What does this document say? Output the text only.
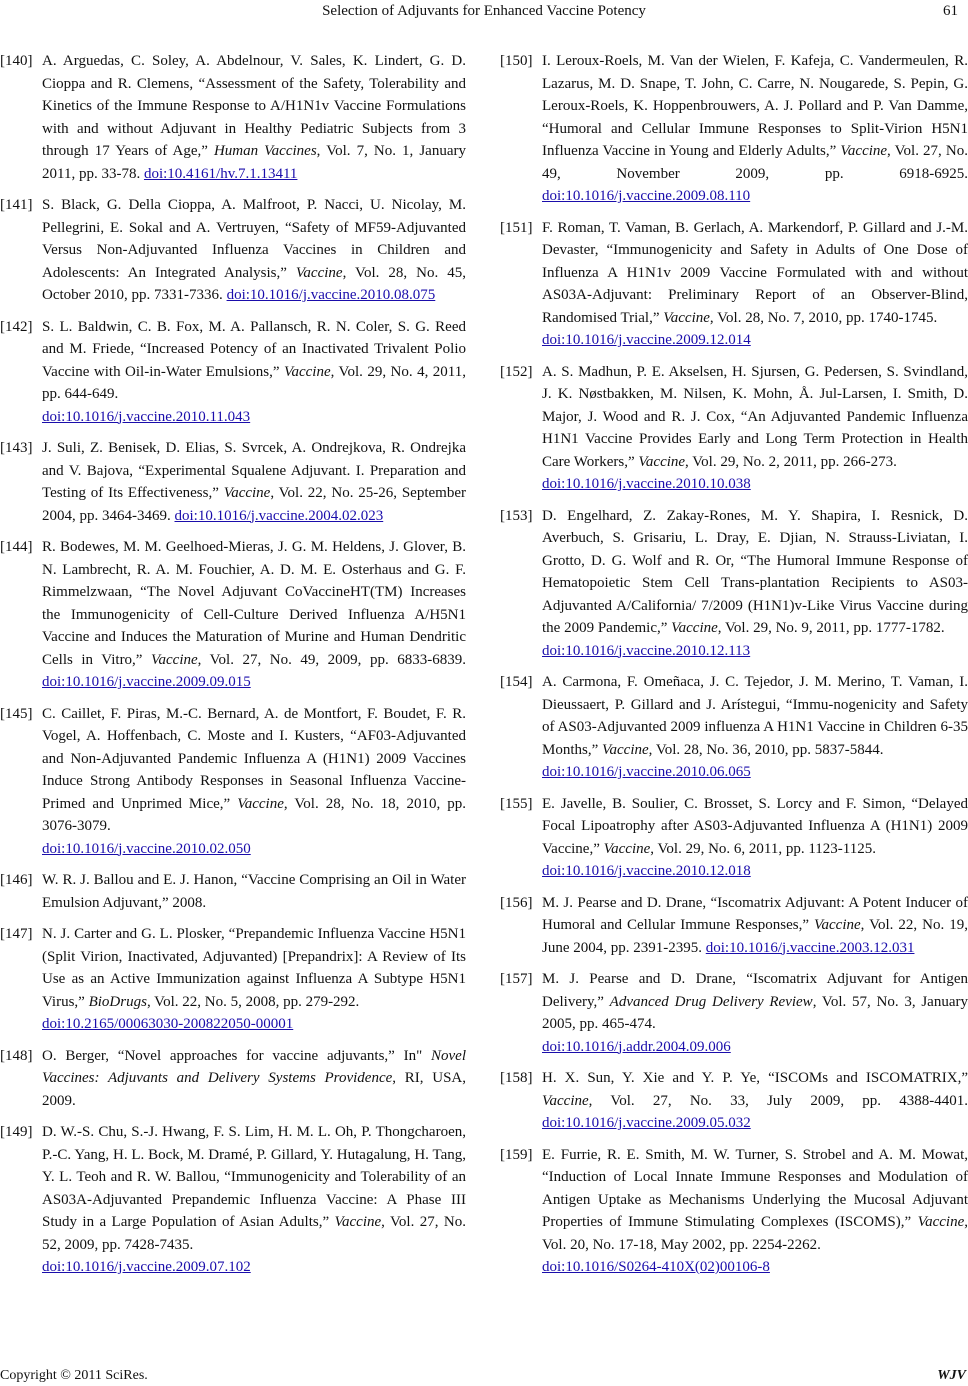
Selection of Adjuvants for Enhanced Vaccine Potency	61
[140] A. Arguedas, C. Soley, A. Abdelnour, V. Sales, K. Lindert, G. D. Cioppa and R. Clemens, “Assessment of the Safety, Tolerability and Kinetics of the Immune Response to A/H1N1v Vaccine Formulations with and without Adjuvant in Healthy Pediatric Subjects from 3 through 17 Years of Age,” Human Vaccines, Vol. 7, No. 1, January 2011, pp. 33-78. doi:10.4161/hv.7.1.13411
[141] S. Black, G. Della Cioppa, A. Malfroot, P. Nacci, U. Nicolay, M. Pellegrini, E. Sokal and A. Vertruyen, “Safety of MF59-Adjuvanted Versus Non-Adjuvanted Influenza Vaccines in Children and Adolescents: An Integrated Analysis,” Vaccine, Vol. 28, No. 45, October 2010, pp. 7331-7336. doi:10.1016/j.vaccine.2010.08.075
[142] S. L. Baldwin, C. B. Fox, M. A. Pallansch, R. N. Coler, S. G. Reed and M. Friede, “Increased Potency of an Inactivated Trivalent Polio Vaccine with Oil-in-Water Emulsions,” Vaccine, Vol. 29, No. 4, 2011, pp. 644-649.
doi:10.1016/j.vaccine.2010.11.043
[143] J. Suli, Z. Benisek, D. Elias, S. Svrcek, A. Ondrejkova, R. Ondrejka and V. Bajova, “Experimental Squalene Adjuvant. I. Preparation and Testing of Its Effectiveness,” Vaccine, Vol. 22, No. 25-26, September 2004, pp. 3464-3469. doi:10.1016/j.vaccine.2004.02.023
[144] R. Bodewes, M. M. Geelhoed-Mieras, J. G. M. Heldens, J. Glover, B. N. Lambrecht, R. A. M. Fouchier, A. D. M. E. Osterhaus and G. F. Rimmelzwaan, “The Novel Adjuvant CoVaccineHT(TM) Increases the Immunogenicity of Cell-Culture Derived Influenza A/H5N1 Vaccine and Induces the Maturation of Murine and Human Dendritic Cells in Vitro,” Vaccine, Vol. 27, No. 49, 2009, pp. 6833-6839. doi:10.1016/j.vaccine.2009.09.015
[145] C. Caillet, F. Piras, M.-C. Bernard, A. de Montfort, F. Boudet, F. R. Vogel, A. Hoffenbach, C. Moste and I. Kusters, “AF03-Adjuvanted and Non-Adjuvanted Pandemic Influenza A (H1N1) 2009 Vaccines Induce Strong Antibody Responses in Seasonal Influenza Vaccine-Primed and Unprimed Mice,” Vaccine, Vol. 28, No. 18, 2010, pp. 3076-3079.
doi:10.1016/j.vaccine.2010.02.050
[146] W. R. J. Ballou and E. J. Hanon, “Vaccine Comprising an Oil in Water Emulsion Adjuvant,” 2008.
[147] N. J. Carter and G. L. Plosker, “Prepandemic Influenza Vaccine H5N1 (Split Virion, Inactivated, Adjuvanted) [Prepandrix]: A Review of Its Use as an Active Immunization against Influenza A Subtype H5N1 Virus,” BioDrugs, Vol. 22, No. 5, 2008, pp. 279-292.
doi:10.2165/00063030-200822050-00001
[148] O. Berger, “Novel approaches for vaccine adjuvants,” In" Novel Vaccines: Adjuvants and Delivery Systems Providence, RI, USA, 2009.
[149] D. W.-S. Chu, S.-J. Hwang, F. S. Lim, H. M. L. Oh, P. Thongcharoen, P.-C. Yang, H. L. Bock, M. Dramé, P. Gillard, Y. Hutagalung, H. Tang, Y. L. Teoh and R. W. Ballou, “Immunogenicity and Tolerability of an AS03A-Adjuvanted Prepandemic Influenza Vaccine: A Phase III Study in a Large Population of Asian Adults,” Vaccine, Vol. 27, No. 52, 2009, pp. 7428-7435.
doi:10.1016/j.vaccine.2009.07.102
[150] I. Leroux-Roels, M. Van der Wielen, F. Kafeja, C. Vandermeulen, R. Lazarus, M. D. Snape, T. John, C. Carre, N. Nougarede, S. Pepin, G. Leroux-Roels, K. Hoppenbrouwers, A. J. Pollard and P. Van Damme, “Humoral and Cellular Immune Responses to Split-Virion H5N1 Influenza Vaccine in Young and Elderly Adults,” Vaccine, Vol. 27, No. 49, November 2009, pp. 6918-6925. doi:10.1016/j.vaccine.2009.08.110
[151] F. Roman, T. Vaman, B. Gerlach, A. Markendorf, P. Gillard and J.-M. Devaster, “Immunogenicity and Safety in Adults of One Dose of Influenza A H1N1v 2009 Vaccine Formulated with and without AS03A-Adjuvant: Preliminary Report of an Observer-Blind, Randomised Trial,” Vaccine, Vol. 28, No. 7, 2010, pp. 1740-1745.
doi:10.1016/j.vaccine.2009.12.014
[152] A. S. Madhun, P. E. Akselsen, H. Sjursen, G. Pedersen, S. Svindland, J. K. Nøstbakken, M. Nilsen, K. Mohn, Å. Jul-Larsen, I. Smith, D. Major, J. Wood and R. J. Cox, “An Adjuvanted Pandemic Influenza H1N1 Vaccine Provides Early and Long Term Protection in Health Care Workers,” Vaccine, Vol. 29, No. 2, 2011, pp. 266-273.
doi:10.1016/j.vaccine.2010.10.038
[153] D. Engelhard, Z. Zakay-Rones, M. Y. Shapira, I. Resnick, D. Averbuch, S. Grisariu, L. Dray, E. Djian, N. Strauss-Liviatan, I. Grotto, D. G. Wolf and R. Or, “The Humoral Immune Response of Hematopoietic Stem Cell Trans-plantation Recipients to AS03-Adjuvanted A/California/ 7/2009 (H1N1)v-Like Virus Vaccine during the 2009 Pandemic,” Vaccine, Vol. 29, No. 9, 2011, pp. 1777-1782.
doi:10.1016/j.vaccine.2010.12.113
[154] A. Carmona, F. Omeñaca, J. C. Tejedor, J. M. Merino, T. Vaman, I. Dieussaert, P. Gillard and J. Arístegui, “Immu-nogenicity and Safety of AS03-Adjuvanted 2009 influenza A H1N1 Vaccine in Children 6-35 Months,” Vaccine, Vol. 28, No. 36, 2010, pp. 5837-5844.
doi:10.1016/j.vaccine.2010.06.065
[155] E. Javelle, B. Soulier, C. Brosset, S. Lorcy and F. Simon, “Delayed Focal Lipoatrophy after AS03-Adjuvanted Influenza A (H1N1) 2009 Vaccine,” Vaccine, Vol. 29, No. 6, 2011, pp. 1123-1125.
doi:10.1016/j.vaccine.2010.12.018
[156] M. J. Pearse and D. Drane, “Iscomatrix Adjuvant: A Potent Inducer of Humoral and Cellular Immune Responses,” Vaccine, Vol. 22, No. 19, June 2004, pp. 2391-2395. doi:10.1016/j.vaccine.2003.12.031
[157] M. J. Pearse and D. Drane, “Iscomatrix Adjuvant for Antigen Delivery,” Advanced Drug Delivery Review, Vol. 57, No. 3, January 2005, pp. 465-474.
doi:10.1016/j.addr.2004.09.006
[158] H. X. Sun, Y. Xie and Y. P. Ye, “ISCOMs and ISCOMATRIX,” Vaccine, Vol. 27, No. 33, July 2009, pp. 4388-4401. doi:10.1016/j.vaccine.2009.05.032
[159] E. Furrie, R. E. Smith, M. W. Turner, S. Strobel and A. M. Mowat, “Induction of Local Innate Immune Responses and Modulation of Antigen Uptake as Mechanisms Underlying the Mucosal Adjuvant Properties of Immune Stimulating Complexes (ISCOMS),” Vaccine, Vol. 20, No. 17-18, May 2002, pp. 2254-2262.
doi:10.1016/S0264-410X(02)00106-8
Copyright © 2011 SciRes.	WJV
